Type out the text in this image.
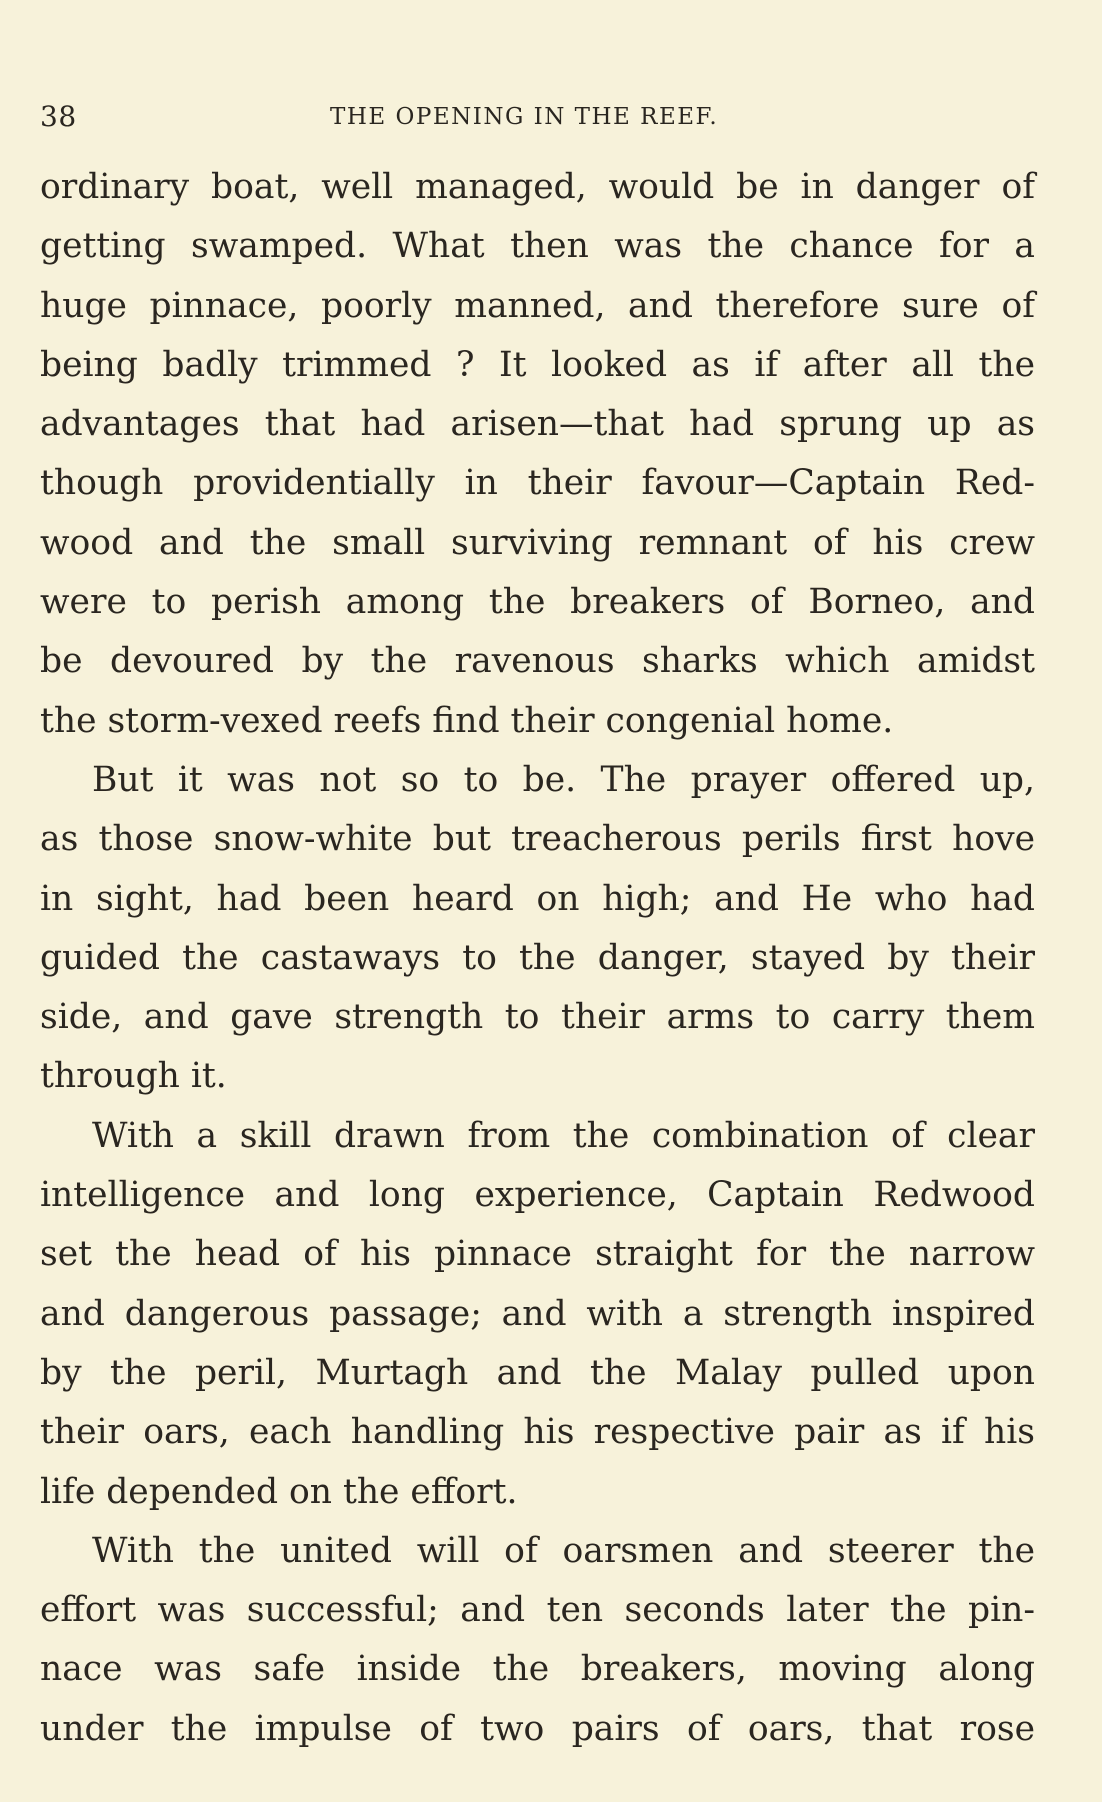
38	THE OPENING IN THE REEF.
ordinary boat, well managed, would be in danger of
getting swamped. What then was the chance for a
huge pinnace, poorly manned, and therefore sure of
being badly trimmed ? It looked as if after all the
advantages that had arisen—that had sprung up as
though providentially in their favour—Captain Red-
wood and the small surviving remnant of his crew
were to perish among the breakers of Borneo, and
be devoured by the ravenous sharks which amidst
the storm-vexed reefs find their congenial home.
But it was not so to be. The prayer offered up,
as those snow-white but treacherous perils first hove
in sight, had been heard on high; and He who had
guided the castaways to the danger, stayed by their
side, and gave strength to their arms to carry them
through it.
With a skill drawn from the combination of clear
intelligence and long experience, Captain Redwood
set the head of his pinnace straight for the narrow
and dangerous passage; and with a strength inspired
by the peril, Murtagh and the Malay pulled upon
their oars, each handling his respective pair as if his
life depended on the effort.
With the united will of oarsmen and steerer the
effort was successful; and ten seconds later the pin-
nace was safe inside the breakers, moving along
under the impulse of two pairs of oars, that rose
